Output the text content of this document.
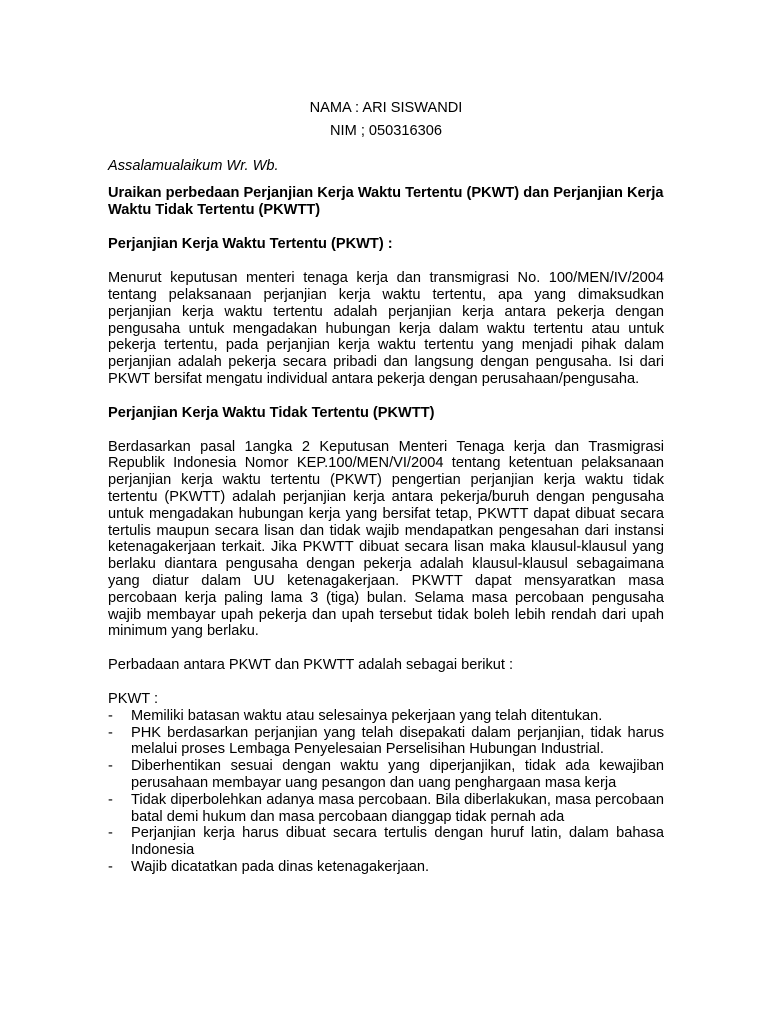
NAMA : ARI SISWANDI

NIM ; 050316306

Assalamualaikum Wr. Wb.

Uraikan perbedaan Perjanjian Kerja Waktu Tertentu (PKWT) dan Perjanjian Kerja Waktu Tidak Tertentu (PKWTT)

Perjanjian Kerja Waktu Tertentu (PKWT) :

Menurut keputusan menteri tenaga kerja dan transmigrasi No. 100/MEN/IV/2004 tentang pelaksanaan perjanjian kerja waktu tertentu, apa yang dimaksudkan perjanjian kerja waktu tertentu adalah perjanjian kerja antara pekerja dengan pengusaha untuk mengadakan hubungan kerja dalam waktu tertentu atau untuk pekerja tertentu, pada perjanjian kerja waktu tertentu yang menjadi pihak dalam perjanjian adalah pekerja secara pribadi dan langsung dengan pengusaha. Isi dari PKWT bersifat mengatu individual antara pekerja dengan perusahaan/pengusaha.

Perjanjian Kerja Waktu Tidak Tertentu (PKWTT)

Berdasarkan pasal 1angka 2 Keputusan Menteri Tenaga kerja dan Trasmigrasi Republik Indonesia Nomor KEP.100/MEN/VI/2004 tentang ketentuan pelaksanaan perjanjian kerja waktu tertentu (PKWT) pengertian perjanjian kerja waktu tidak tertentu (PKWTT) adalah perjanjian kerja antara pekerja/buruh dengan pengusaha untuk mengadakan hubungan kerja yang bersifat tetap, PKWTT dapat dibuat secara tertulis maupun secara lisan dan tidak wajib mendapatkan pengesahan dari instansi ketenagakerjaan terkait. Jika PKWTT dibuat secara lisan maka klausul-klausul yang berlaku diantara pengusaha dengan pekerja adalah klausul-klausul sebagaimana yang diatur dalam UU ketenagakerjaan. PKWTT dapat mensyaratkan masa percobaan kerja paling lama 3 (tiga) bulan. Selama masa percobaan pengusaha wajib membayar upah pekerja dan upah tersebut tidak boleh lebih rendah dari upah minimum yang berlaku.

Perbadaan antara PKWT dan PKWTT adalah sebagai berikut :

PKWT :

- Memiliki batasan waktu atau selesainya pekerjaan yang telah ditentukan.
- PHK berdasarkan perjanjian yang telah disepakati dalam perjanjian, tidak harus melalui proses Lembaga Penyelesaian Perselisihan Hubungan Industrial.
- Diberhentikan sesuai dengan waktu yang diperjanjikan, tidak ada kewajiban perusahaan membayar uang pesangon dan uang penghargaan masa kerja
- Tidak diperbolehkan adanya masa percobaan. Bila diberlakukan, masa percobaan batal demi hukum dan masa percobaan dianggap tidak pernah ada
- Perjanjian kerja harus dibuat secara tertulis dengan huruf latin, dalam bahasa Indonesia
- Wajib dicatatkan pada dinas ketenagakerjaan.
